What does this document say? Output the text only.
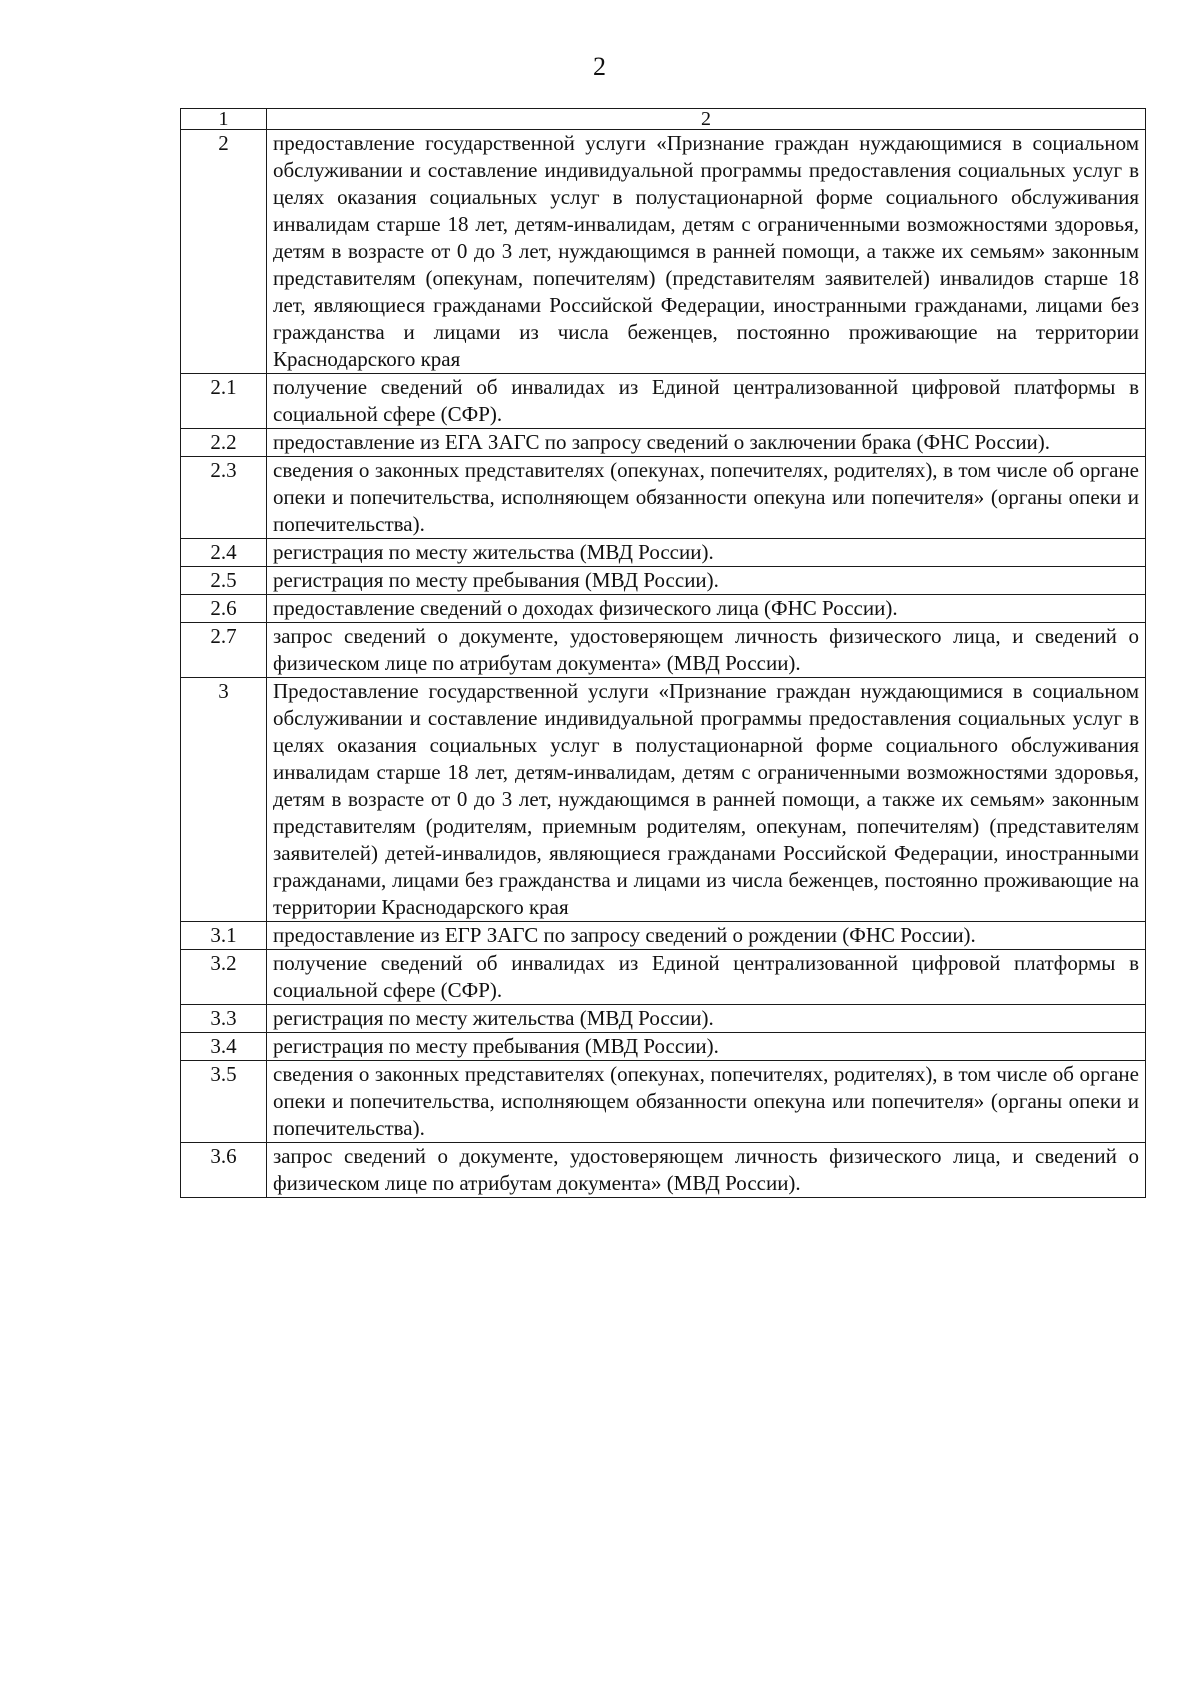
2
1	2
2	предоставление государственной услуги «Признание граждан нуждающимися в социальном обслуживании и составление индивидуальной программы предоставления социальных услуг в целях оказания социальных услуг в полустационарной форме социального обслуживания инвалидам старше 18 лет, детям-инвалидам, детям с ограниченными возможностями здоровья, детям в возрасте от 0 до 3 лет, нуждающимся в ранней помощи, а также их семьям» законным представителям (опекунам, попечителям) (представителям заявителей) инвалидов старше 18 лет, являющиеся гражданами Российской Федерации, иностранными гражданами, лицами без гражданства и лицами из числа беженцев, постоянно проживающие на территории Краснодарского края
2.1	получение сведений об инвалидах из Единой централизованной цифровой платформы в социальной сфере (СФР).
2.2	предоставление из ЕГА ЗАГС по запросу сведений о заключении брака (ФНС России).
2.3	сведения о законных представителях (опекунах, попечителях, родителях), в том числе об органе опеки и попечительства, исполняющем обязанности опекуна или попечителя» (органы опеки и попечительства).
2.4	регистрация по месту жительства (МВД России).
2.5	регистрация по месту пребывания (МВД России).
2.6	предоставление сведений о доходах физического лица (ФНС России).
2.7	запрос сведений о документе, удостоверяющем личность физического лица, и сведений о физическом лице по атрибутам документа» (МВД России).
3	Предоставление государственной услуги «Признание граждан нуждающимися в социальном обслуживании и составление индивидуальной программы предоставления социальных услуг в целях оказания социальных услуг в полустационарной форме социального обслуживания инвалидам старше 18 лет, детям-инвалидам, детям с ограниченными возможностями здоровья, детям в возрасте от 0 до 3 лет, нуждающимся в ранней помощи, а также их семьям» законным представителям (родителям, приемным родителям, опекунам, попечителям) (представителям заявителей) детей-инвалидов, являющиеся гражданами Российской Федерации, иностранными гражданами, лицами без гражданства и лицами из числа беженцев, постоянно проживающие на территории Краснодарского края
3.1	предоставление из ЕГР ЗАГС по запросу сведений о рождении (ФНС России).
3.2	получение сведений об инвалидах из Единой централизованной цифровой платформы в социальной сфере (СФР).
3.3	регистрация по месту жительства (МВД России).
3.4	регистрация по месту пребывания (МВД России).
3.5	сведения о законных представителях (опекунах, попечителях, родителях), в том числе об органе опеки и попечительства, исполняющем обязанности опекуна или попечителя» (органы опеки и попечительства).
3.6	запрос сведений о документе, удостоверяющем личность физического лица, и сведений о физическом лице по атрибутам документа» (МВД России).
